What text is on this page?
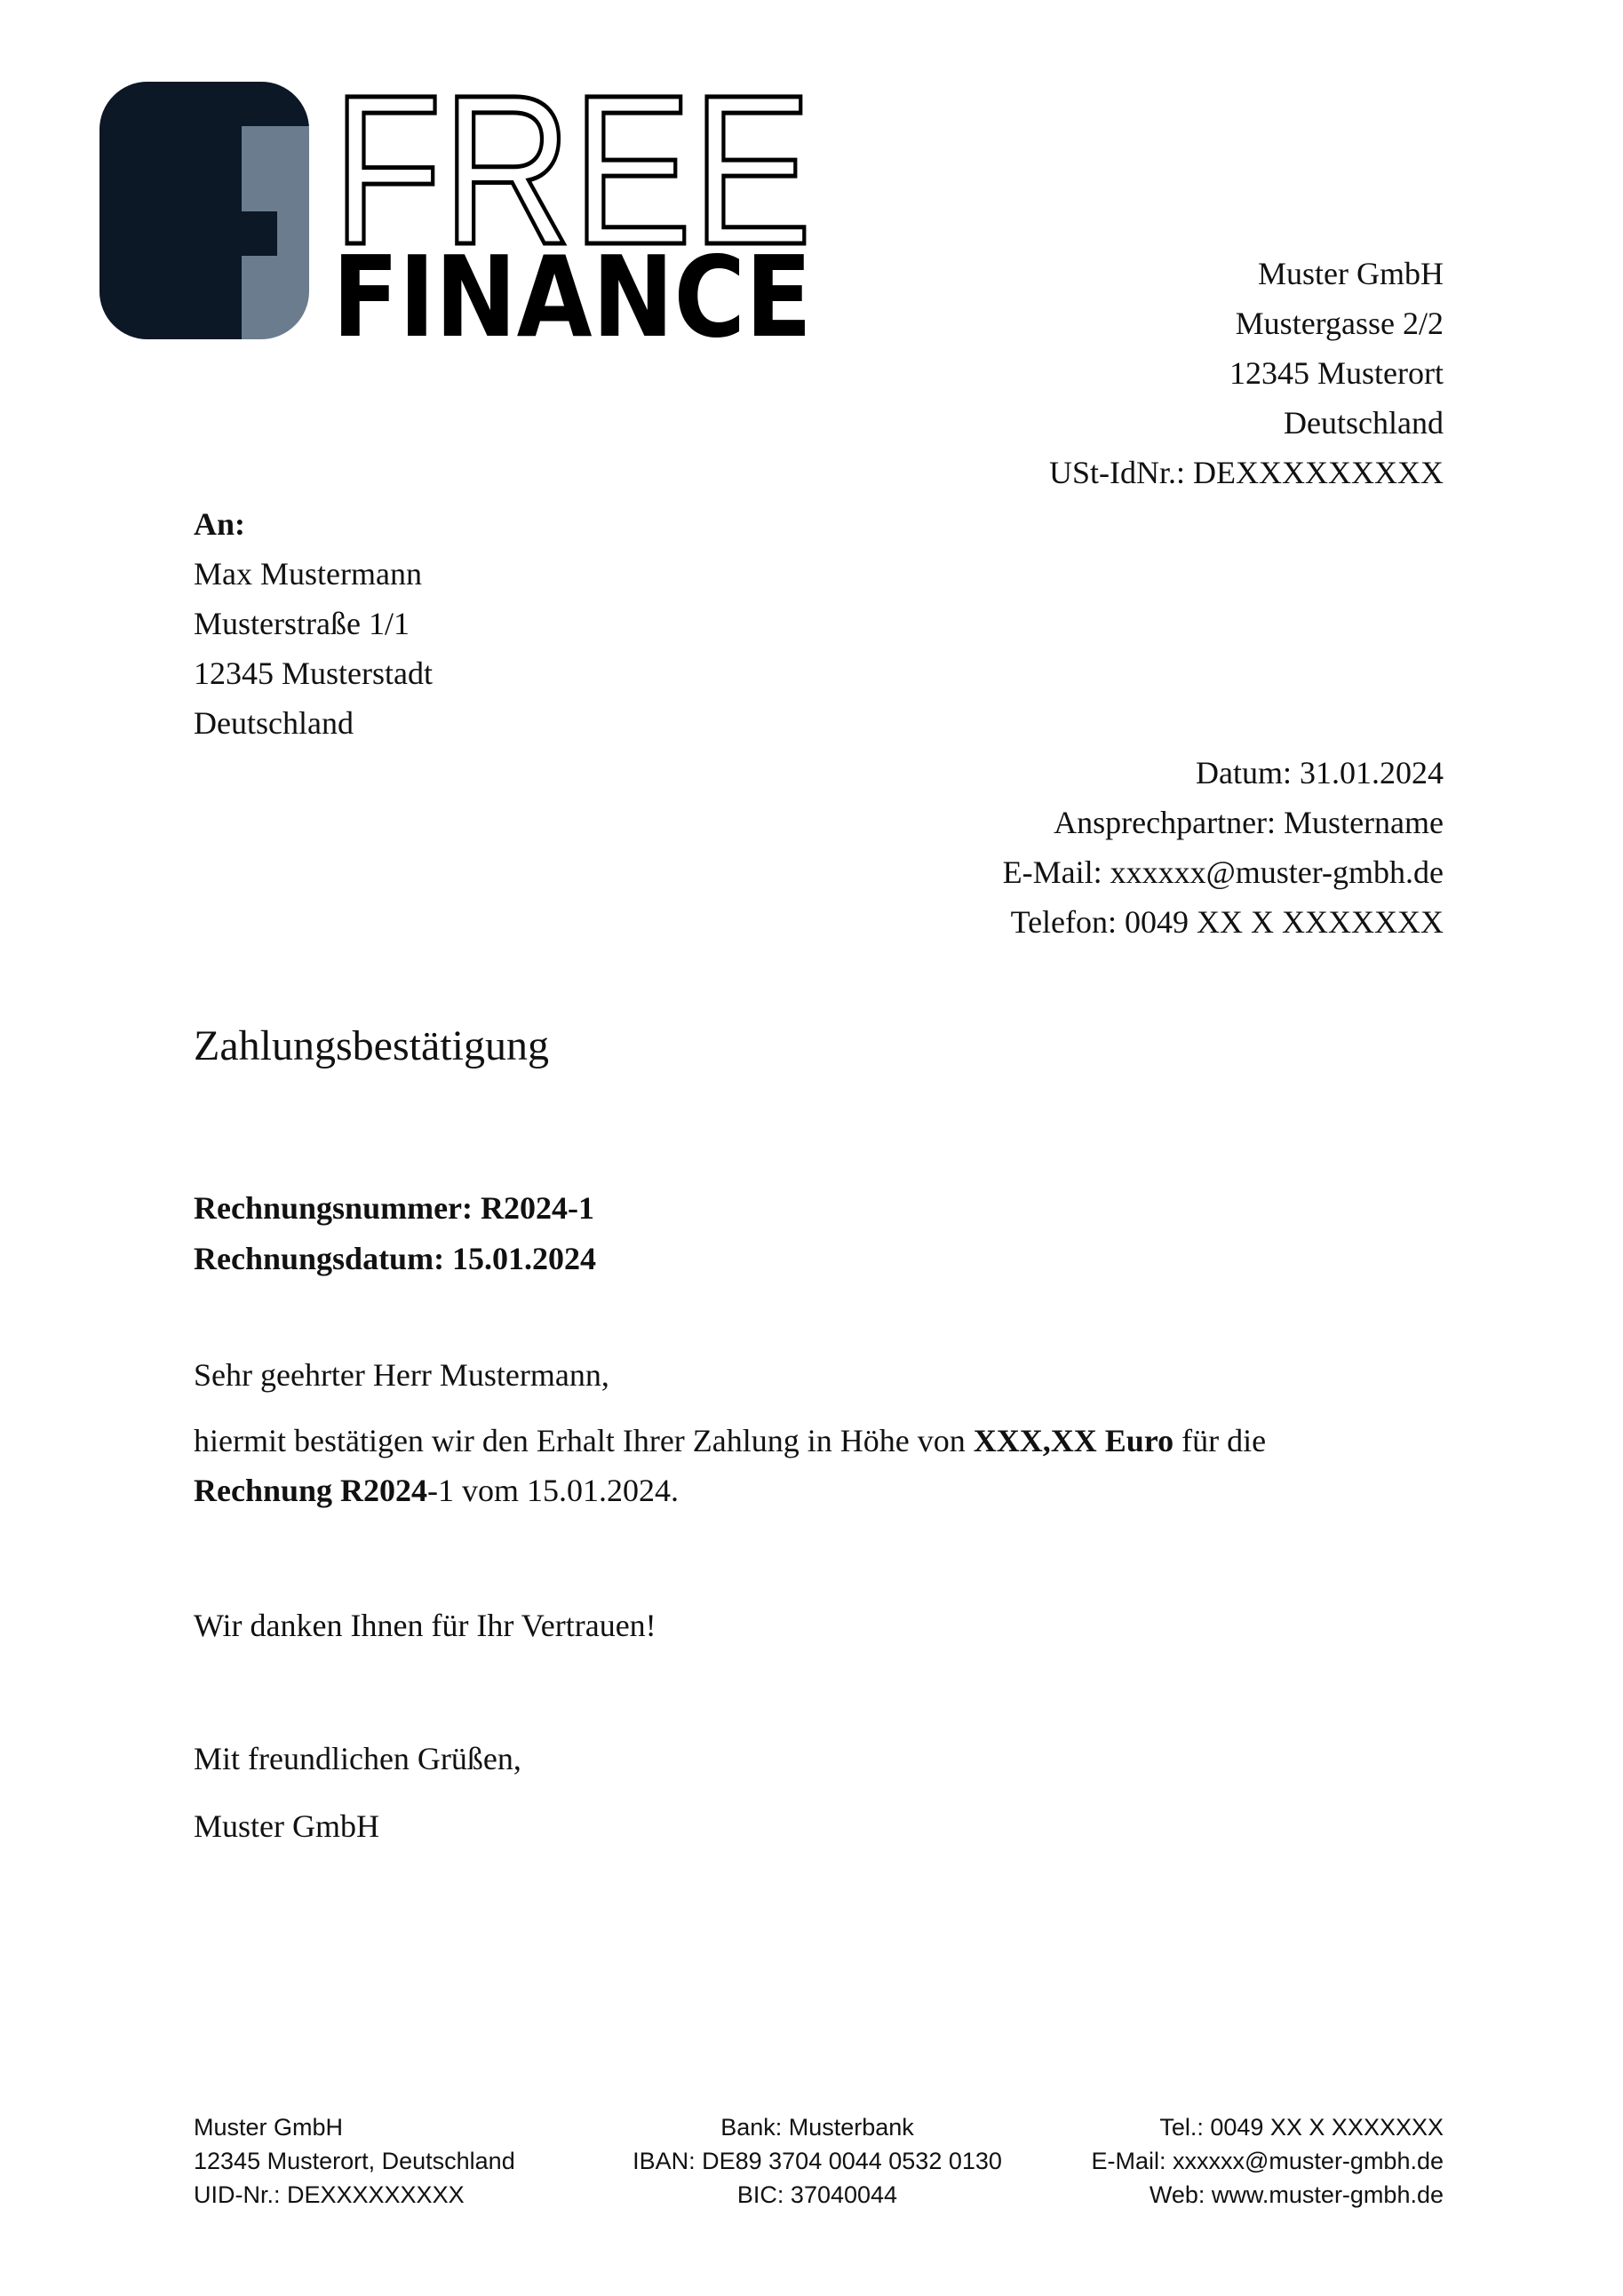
FREE
FINANCE	Muster GmbH
Mustergasse 2/2
12345 Musterort
Deutschland
USt-IdNr.: DEXXXXXXXXX
An:
Max Mustermann
Musterstraße 1/1
12345 Musterstadt
Deutschland
Datum: 31.01.2024
Ansprechpartner: Mustername
E-Mail: xxxxxx@muster-gmbh.de
Telefon: 0049 XX X XXXXXXX
Zahlungsbestätigung
Rechnungsnummer: R2024-1
Rechnungsdatum: 15.01.2024
Sehr geehrter Herr Mustermann,
hiermit bestätigen wir den Erhalt Ihrer Zahlung in Höhe von XXX,XX Euro für die
Rechnung R2024-1 vom 15.01.2024.
Wir danken Ihnen für Ihr Vertrauen!
Mit freundlichen Grüßen,
Muster GmbH
Muster GmbH
12345 Musterort, Deutschland
UID-Nr.: DEXXXXXXXXX
Bank: Musterbank
IBAN: DE89 3704 0044 0532 0130
BIC: 37040044
Tel.: 0049 XX X XXXXXXX
E-Mail: xxxxxx@muster-gmbh.de
Web: www.muster-gmbh.de
